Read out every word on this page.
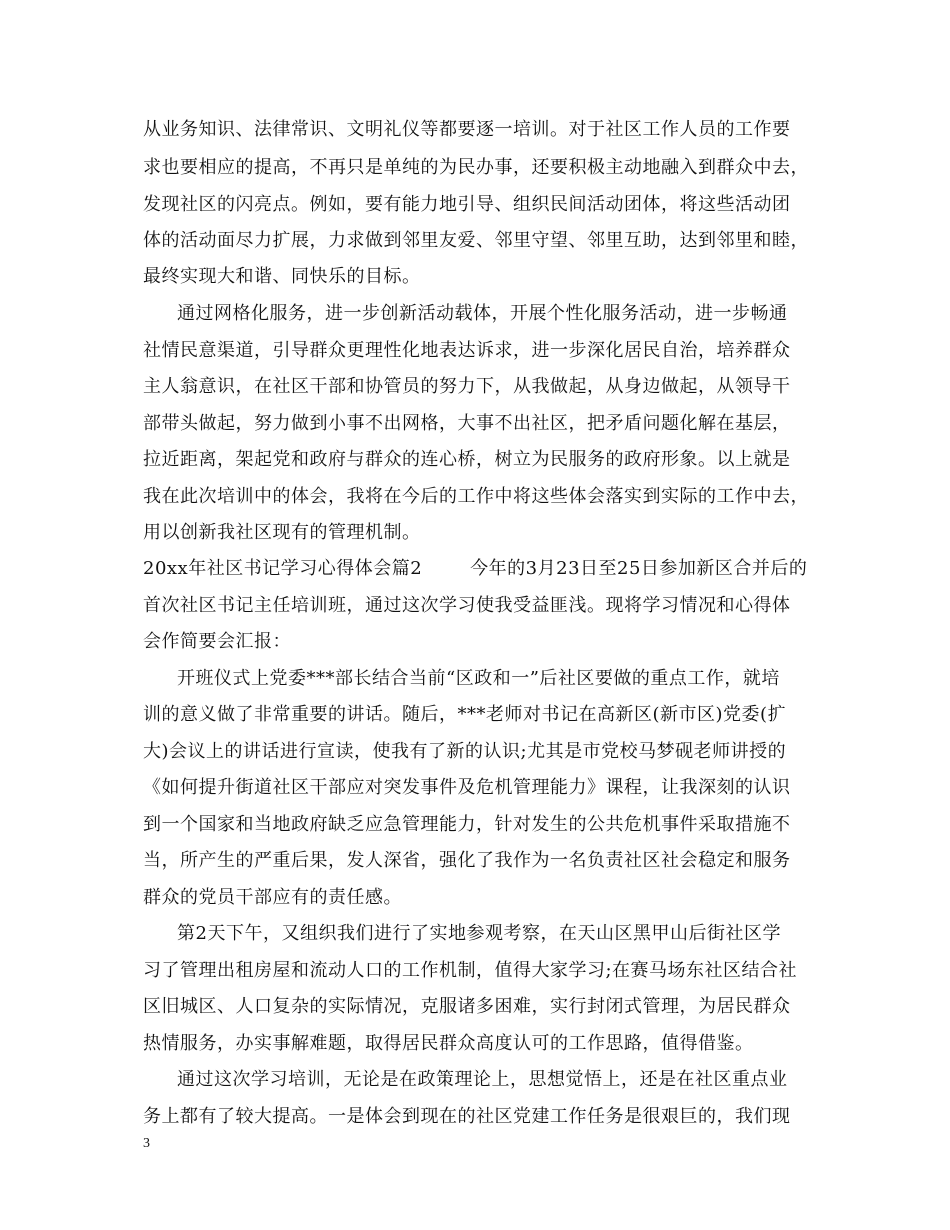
从业务知识、法律常识、文明礼仪等都要逐一培训。对于社区工作人员的工作要
求也要相应的提高，不再只是单纯的为民办事，还要积极主动地融入到群众中去，
发现社区的闪亮点。例如，要有能力地引导、组织民间活动团体，将这些活动团
体的活动面尽力扩展，力求做到邻里友爱、邻里守望、邻里互助，达到邻里和睦，
最终实现大和谐、同快乐的目标。
通过网格化服务，进一步创新活动载体，开展个性化服务活动，进一步畅通
社情民意渠道，引导群众更理性化地表达诉求，进一步深化居民自治，培养群众
主人翁意识，在社区干部和协管员的努力下，从我做起，从身边做起，从领导干
部带头做起，努力做到小事不出网格，大事不出社区，把矛盾问题化解在基层，
拉近距离，架起党和政府与群众的连心桥，树立为民服务的政府形象。以上就是
我在此次培训中的体会，我将在今后的工作中将这些体会落实到实际的工作中去，
用以创新我社区现有的管理机制。
20xx年社区书记学习心得体会篇2	今年的3月23日至25日参加新区合并后的
首次社区书记主任培训班，通过这次学习使我受益匪浅。现将学习情况和心得体
会作简要会汇报：
开班仪式上党委***部长结合当前“区政和一”后社区要做的重点工作，就培
训的意义做了非常重要的讲话。随后，***老师对书记在高新区(新市区)党委(扩
大)会议上的讲话进行宣读，使我有了新的认识;尤其是市党校马梦砚老师讲授的
《如何提升街道社区干部应对突发事件及危机管理能力》课程，让我深刻的认识
到一个国家和当地政府缺乏应急管理能力，针对发生的公共危机事件采取措施不
当，所产生的严重后果，发人深省，强化了我作为一名负责社区社会稳定和服务
群众的党员干部应有的责任感。
第2天下午，又组织我们进行了实地参观考察，在天山区黑甲山后街社区学
习了管理出租房屋和流动人口的工作机制，值得大家学习;在赛马场东社区结合社
区旧城区、人口复杂的实际情况，克服诸多困难，实行封闭式管理，为居民群众
热情服务，办实事解难题，取得居民群众高度认可的工作思路，值得借鉴。
通过这次学习培训，无论是在政策理论上，思想觉悟上，还是在社区重点业
务上都有了较大提高。一是体会到现在的社区党建工作任务是很艰巨的，我们现
3
